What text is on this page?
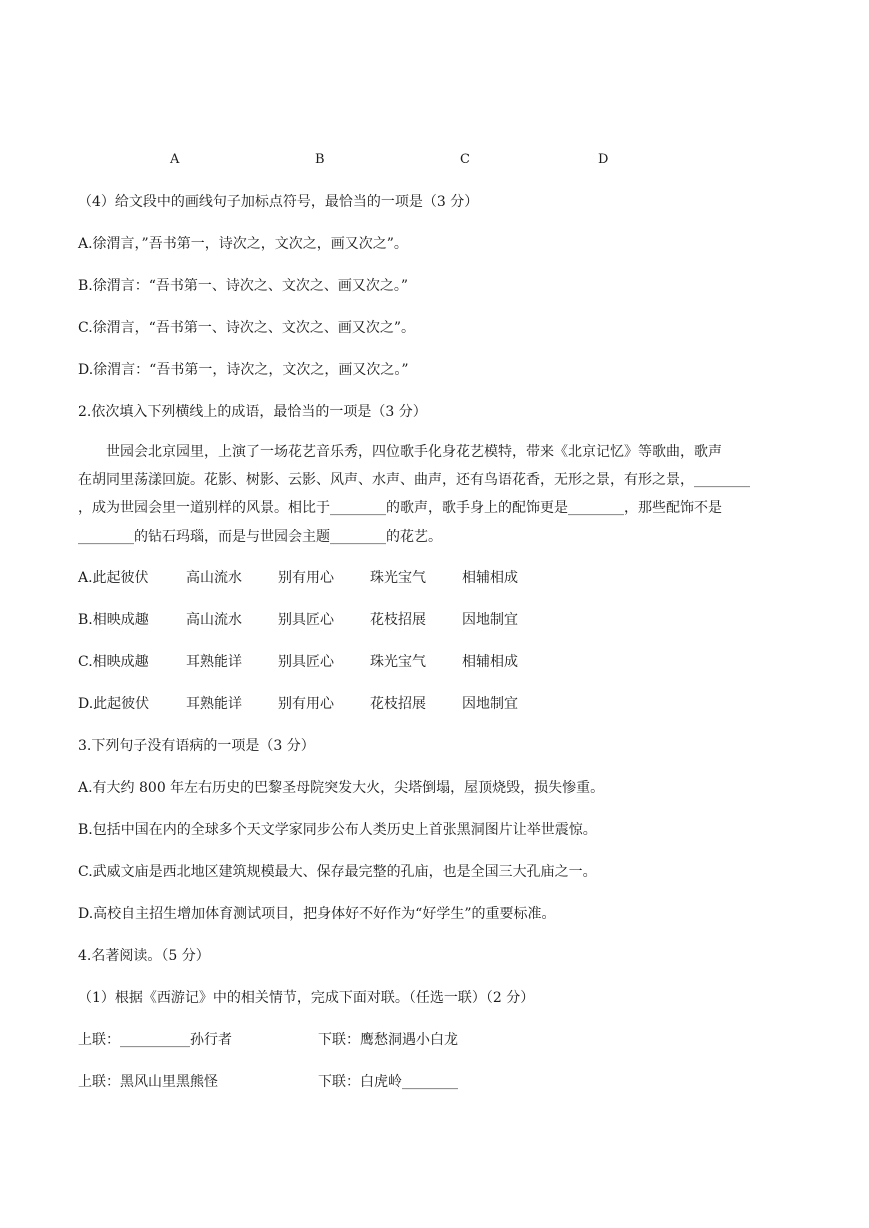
A	B	C	D
（4）给文段中的画线句子加标点符号，最恰当的一项是（3 分）
A.徐渭言，”吾书第一，诗次之，文次之，画又次之”。
B.徐渭言：“吾书第一、诗次之、文次之、画又次之。”
C.徐渭言，“吾书第一、诗次之、文次之、画又次之”。
D.徐渭言：“吾书第一，诗次之，文次之，画又次之。”
2.依次填入下列横线上的成语，最恰当的一项是（3 分）
世园会北京园里，上演了一场花艺音乐秀，四位歌手化身花艺模特，带来《北京记忆》等歌曲，歌声
在胡同里荡漾回旋。花影、树影、云影、风声、水声、曲声，还有鸟语花香，无形之景，有形之景，________
，成为世园会里一道别样的风景。相比于________的歌声，歌手身上的配饰更是________，那些配饰不是
________的钻石玛瑙，而是与世园会主题________的花艺。
A.此起彼伏	高山流水	别有用心	珠光宝气	相辅相成
B.相映成趣	高山流水	别具匠心	花枝招展	因地制宜
C.相映成趣	耳熟能详	别具匠心	珠光宝气	相辅相成
D.此起彼伏	耳熟能详	别有用心	花枝招展	因地制宜
3.下列句子没有语病的一项是（3 分）
A.有大约 800 年左右历史的巴黎圣母院突发大火，尖塔倒塌，屋顶烧毁，损失惨重。
B.包括中国在内的全球多个天文学家同步公布人类历史上首张黑洞图片让举世震惊。
C.武威文庙是西北地区建筑规模最大、保存最完整的孔庙，也是全国三大孔庙之一。
D.高校自主招生增加体育测试项目，把身体好不好作为“好学生”的重要标准。
4.名著阅读。（5 分）
（1）根据《西游记》中的相关情节，完成下面对联。（任选一联）（2 分）
上联：__________孙行者	下联：鹰愁洞遇小白龙
上联：黑风山里黑熊怪	下联：白虎岭________
